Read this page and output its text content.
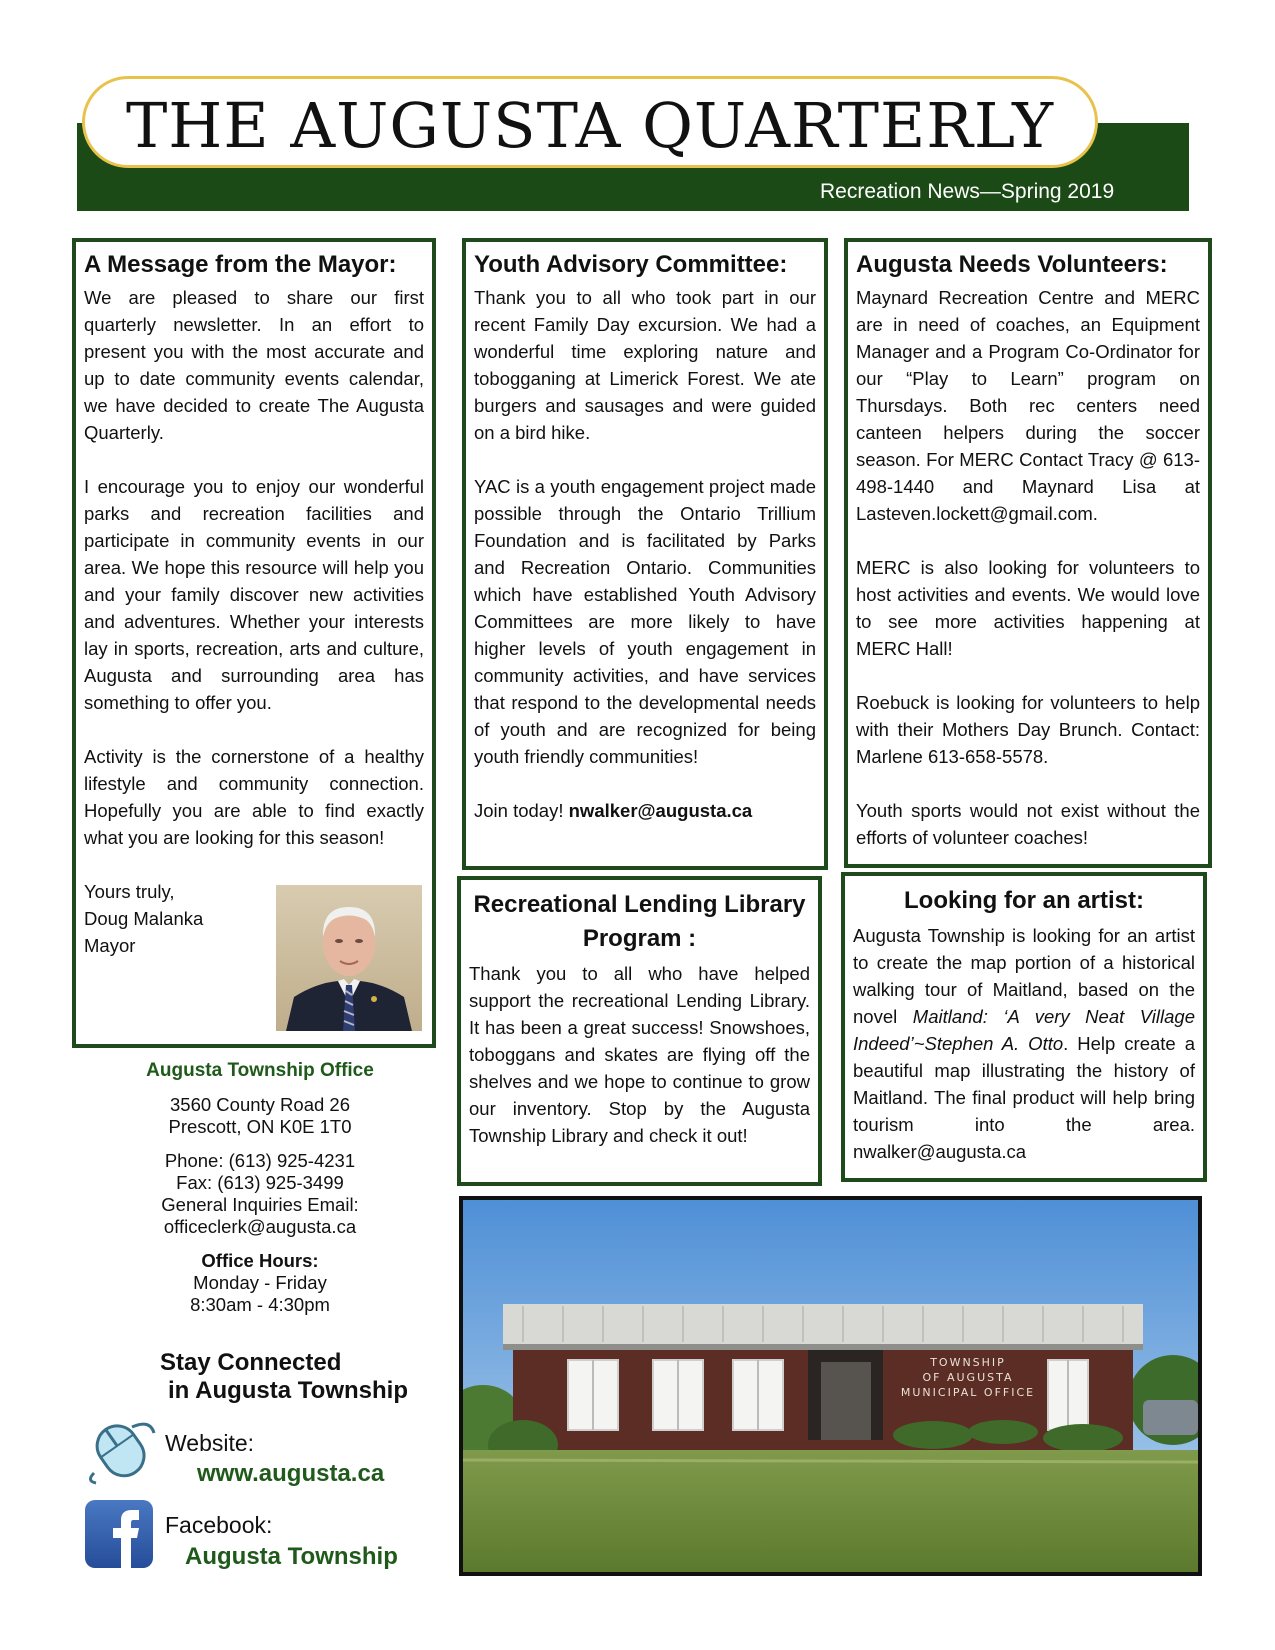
THE AUGUSTA QUARTERLY
Recreation News—Spring 2019
A Message from the Mayor:

We are pleased to share our first quarterly newsletter. In an effort to present you with the most accurate and up to date community events calendar, we have decided to create The Augusta Quarterly.

I encourage you to enjoy our wonderful parks and recreation facilities and participate in community events in our area. We hope this resource will help you and your family discover new activities and adventures. Whether your interests lay in sports, recreation, arts and culture, Augusta and surrounding area has something to offer you.

Activity is the cornerstone of a healthy lifestyle and community connection. Hopefully you are able to find exactly what you are looking for this season!

Yours truly,
Doug Malanka
Mayor
Youth Advisory Committee:

Thank you to all who took part in our recent Family Day excursion. We had a wonderful time exploring nature and tobogganing at Limerick Forest. We ate burgers and sausages and were guided on a bird hike.

YAC is a youth engagement project made possible through the Ontario Trillium Foundation and is facilitated by Parks and Recreation Ontario. Communities which have established Youth Advisory Committees are more likely to have higher levels of youth engagement in community activities, and have services that respond to the developmental needs of youth and are recognized for being youth friendly communities!

Join today! nwalker@augusta.ca

Augusta Needs Volunteers:

Maynard Recreation Centre and MERC are in need of coaches, an Equipment Manager and a Program Co-Ordinator for our “Play to Learn” program on Thursdays. Both rec centers need canteen helpers during the soccer season. For MERC Contact Tracy @ 613-498-1440 and Maynard Lisa at Lasteven.lockett@gmail.com.

MERC is also looking for volunteers to host activities and events. We would love to see more activities happening at MERC Hall!

Roebuck is looking for volunteers to help with their Mothers Day Brunch. Contact: Marlene 613-658-5578.

Youth sports would not exist without the efforts of volunteer coaches!

Recreational Lending Library Program :

Thank you to all who have helped support the recreational Lending Library. It has been a great success! Snowshoes, toboggans and skates are flying off the shelves and we hope to continue to grow our inventory. Stop by the Augusta Township Library and check it out!

Looking for an artist:

Augusta Township is looking for an artist to create the map portion of a historical walking tour of Maitland, based on the novel Maitland: ‘A very Neat Village Indeed’~Stephen A. Otto. Help create a beautiful map illustrating the history of Maitland. The final product will help bring tourism into the area. nwalker@augusta.ca

Augusta Township Office
3560 County Road 26
Prescott, ON K0E 1T0
Phone: (613) 925-4231
Fax: (613) 925-3499
General Inquiries Email:
officeclerk@augusta.ca
Office Hours:
Monday - Friday
8:30am - 4:30pm
Stay Connected
in Augusta Township
Website:
www.augusta.ca
Facebook:
Augusta Township
TOWNSHIP
OF AUGUSTA
MUNICIPAL OFFICE
